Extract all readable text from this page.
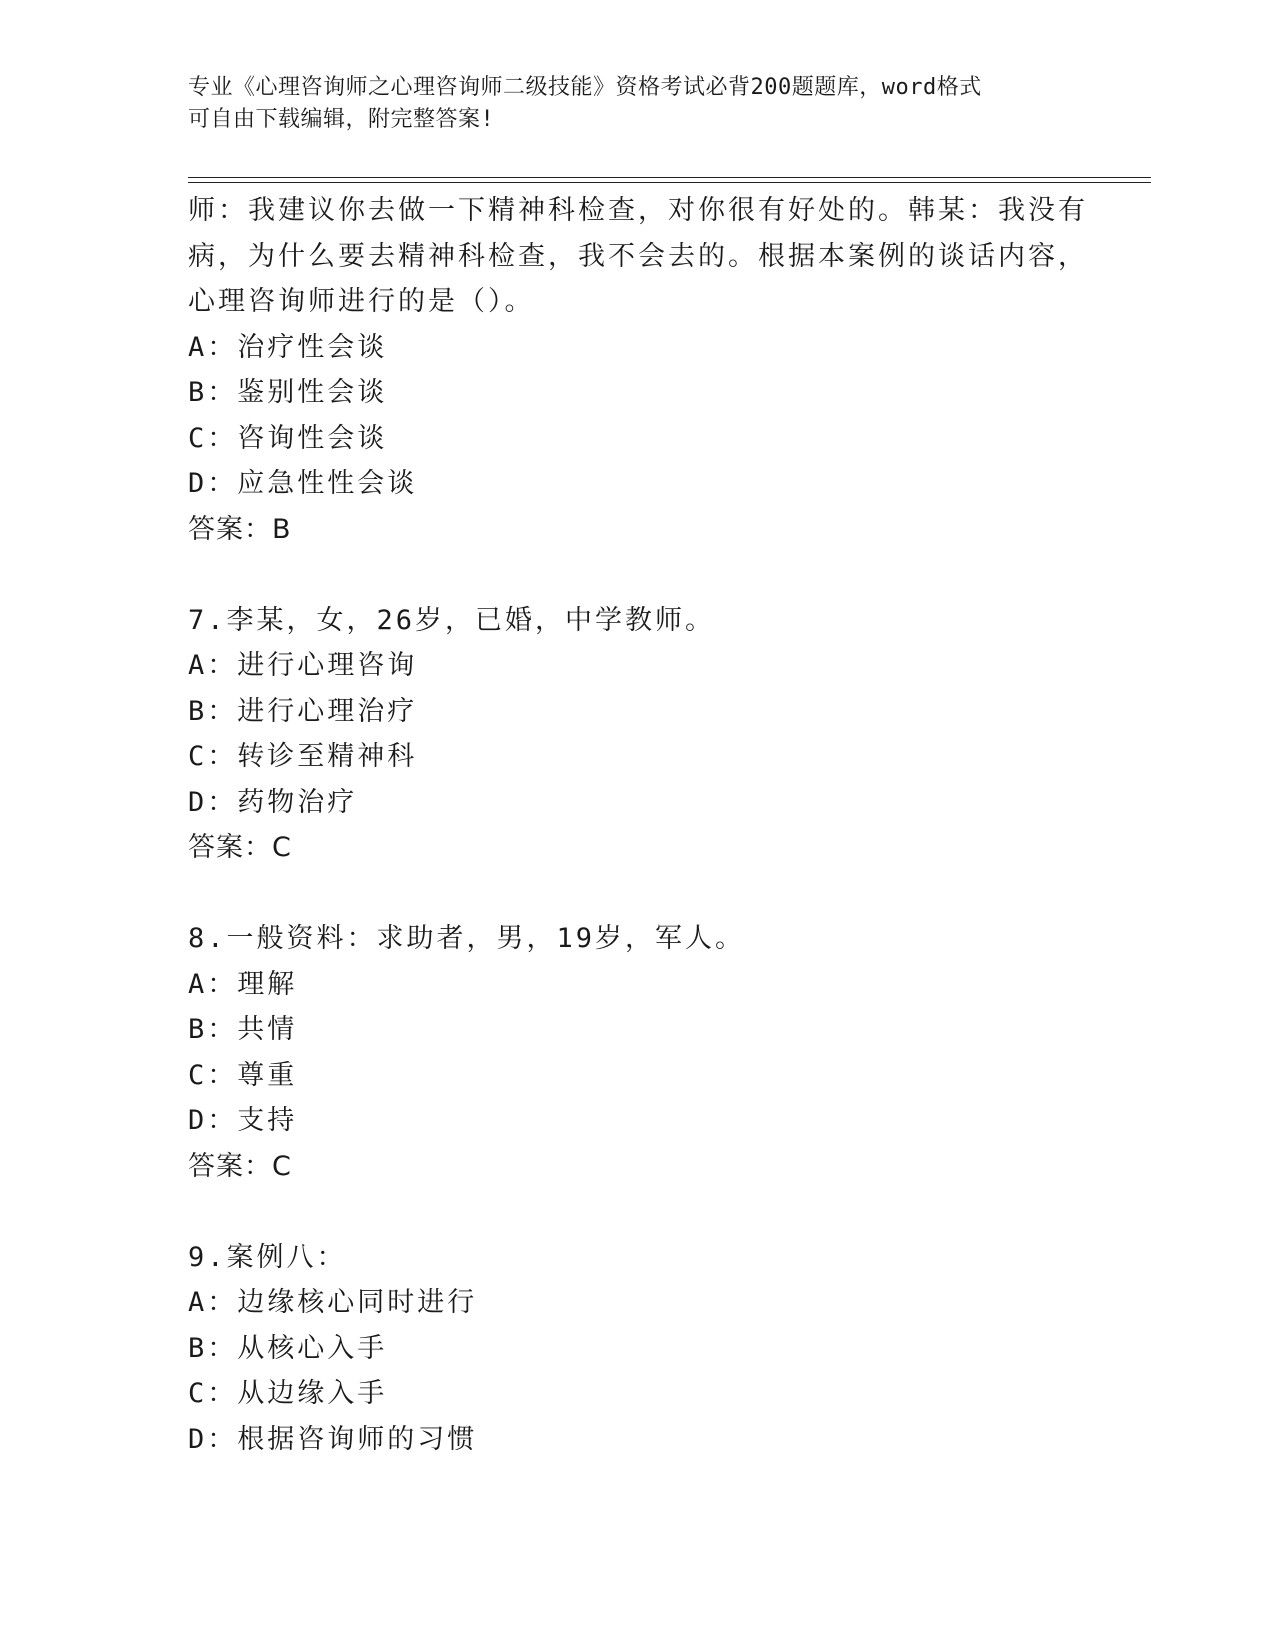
专业《心理咨询师之心理咨询师二级技能》资格考试必背200题题库，word格式
可自由下载编辑，附完整答案!
师：我建议你去做一下精神科检查，对你很有好处的。韩某：我没有
病，为什么要去精神科检查，我不会去的。根据本案例的谈话内容，
心理咨询师进行的是（）。
A：治疗性会谈
B：鉴别性会谈
C：咨询性会谈
D：应急性性会谈
答案：B
7.李某，女，26岁，已婚，中学教师。
A：进行心理咨询
B：进行心理治疗
C：转诊至精神科
D：药物治疗
答案：C
8.一般资料：求助者，男，19岁，军人。
A：理解
B：共情
C：尊重
D：支持
答案：C
9.案例八：
A：边缘核心同时进行
B：从核心入手
C：从边缘入手
D：根据咨询师的习惯
